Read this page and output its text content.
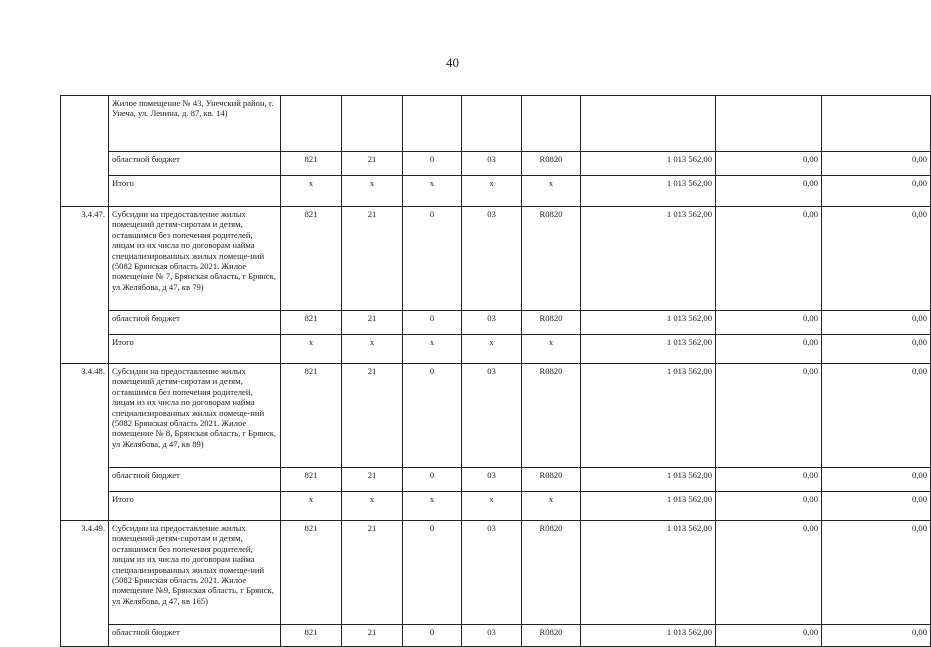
40
	Жилое помещение № 43, Унечский район, г. Унеча, ул. Ленина, д. 87, кв. 14)								
	областной бюджет	821	21	0	03	R0820	1 013 562,00	0,00	0,00
	Итого	x	x	x	x	x	1 013 562,00	0,00	0,00
3.4.47.	Субсидии на предоставление жилых помещений детям-сиротам и детям, оставшимся без попечения родителей, лицам из их числа по договорам найма специализированных жилых помеще-ний (5082 Брянская область 2021. Жилое помещение № 7, Брянская область, г Брянск, ул Желябова, д 47, кв 79)	821	21	0	03	R0820	1 013 562,00	0,00	0,00
	областной бюджет	821	21	0	03	R0820	1 013 562,00	0,00	0,00
	Итого	x	x	x	x	x	1 013 562,00	0,00	0,00
3.4.48.	Субсидии на предоставление жилых помещений детям-сиротам и детям, оставшимся без попечения родителей, лицам из их числа по договорам найма специализированных жилых помеще-ний (5082 Брянская область 2021. Жилое помещение № 8, Брянская область, г Брянск, ул Желябова, д 47, кв 89)	821	21	0	03	R0820	1 013 562,00	0,00	0,00
	областной бюджет	821	21	0	03	R0820	1 013 562,00	0,00	0,00
	Итого	x	x	x	x	x	1 013 562,00	0,00	0,00
3.4.49.	Субсидии на предоставление жилых помещений детям-сиротам и детям, оставшимся без попечения родителей, лицам из их числа по договорам найма специализированных жилых помеще-ний (5082 Брянская область 2021. Жилое помещение №9, Брянская область, г Брянск, ул Желябова, д 47, кв 165)	821	21	0	03	R0820	1 013 562,00	0,00	0,00
	областной бюджет	821	21	0	03	R0820	1 013 562,00	0,00	0,00
